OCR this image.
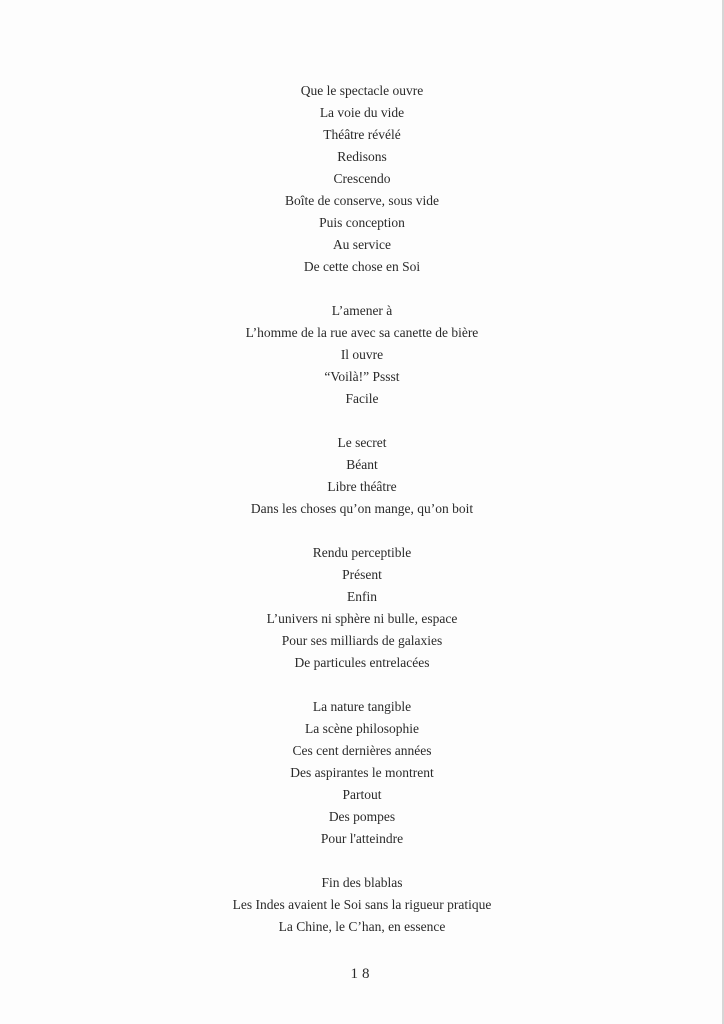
Que le spectacle ouvre
La voie du vide
Théâtre révélé
Redisons
Crescendo
Boîte de conserve, sous vide
Puis conception
Au service
De cette chose en Soi
L’amener à
L’homme de la rue avec sa canette de bière
Il ouvre
“Voilà!” Pssst
Facile
Le secret
Béant
Libre théâtre
Dans les choses qu’on mange, qu’on boit
Rendu perceptible
Présent
Enfin
L’univers ni sphère ni bulle, espace
Pour ses milliards de galaxies
De particules entrelacées
La nature tangible
La scène philosophie
Ces cent dernières années
Des aspirantes le montrent
Partout
Des pompes
Pour l'atteindre
Fin des blablas
Les Indes avaient le Soi sans la rigueur pratique
La Chine, le C’han, en essence
18
